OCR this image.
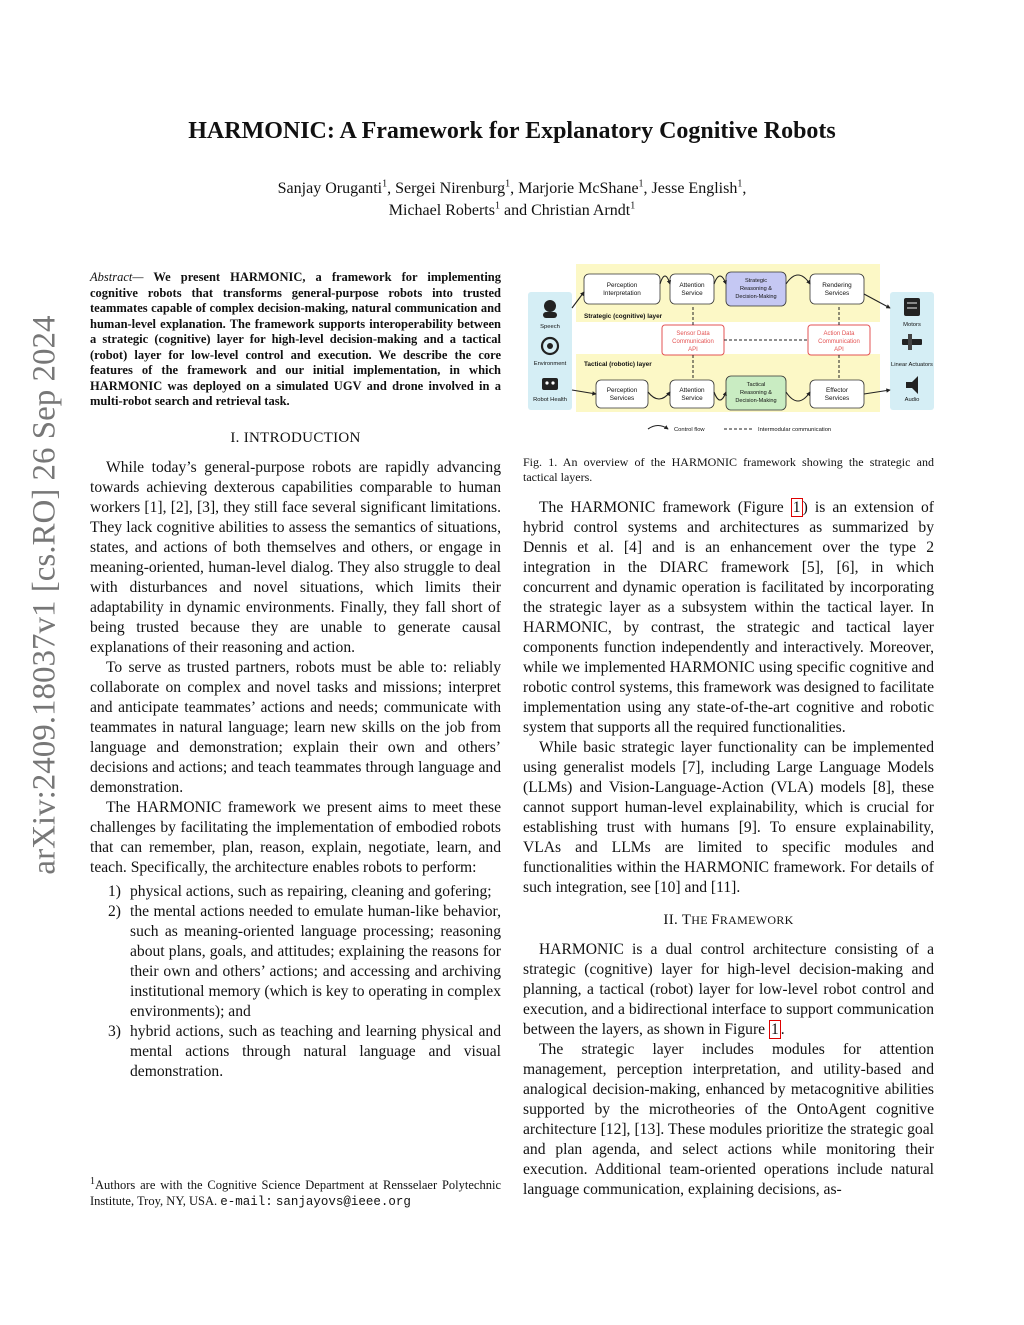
arXiv:2409.18037v1 [cs.RO] 26 Sep 2024
HARMONIC: A Framework for Explanatory Cognitive Robots
Sanjay Oruganti$^1$, Sergei Nirenburg$^1$, Marjorie McShane$^1$, Jesse English$^1$,
Michael Roberts$^1$ and Christian Arndt$^1$

Abstract— We present HARMONIC, a framework for implementing cognitive robots that transforms general-purpose robots into trusted teammates capable of complex decision-making, natural communication and human-level explanation. The framework supports interoperability between a strategic (cognitive) layer for high-level decision-making and a tactical (robot) layer for low-level control and execution. We describe the core features of the framework and our initial implementation, in which HARMONIC was deployed on a simulated UGV and drone involved in a multi-robot search and retrieval task.

I. INTRODUCTION

While today’s general-purpose robots are rapidly advancing towards achieving dexterous capabilities comparable to human workers [1], [2], [3], they still face several significant limitations. They lack cognitive abilities to assess the semantics of situations, states, and actions of both themselves and others, or engage in meaning-oriented, human-level dialog. They also struggle to deal with disturbances and novel situations, which limits their adaptability in dynamic environments. Finally, they fall short of being trusted because they are unable to generate causal explanations of their reasoning and action.

To serve as trusted partners, robots must be able to: reliably collaborate on complex and novel tasks and missions; interpret and anticipate teammates’ actions and needs; communicate with teammates in natural language; learn new skills on the job from language and demonstration; explain their own and others’ decisions and actions; and teach teammates through language and demonstration.

The HARMONIC framework we present aims to meet these challenges by facilitating the implementation of embodied robots that can remember, plan, reason, explain, negotiate, learn, and teach. Specifically, the architecture enables robots to perform:

1) physical actions, such as repairing, cleaning and gofering;
2) the mental actions needed to emulate human-like behavior, such as meaning-oriented language processing; reasoning about plans, goals, and attitudes; explaining the reasons for their own and others’ actions; and accessing and archiving institutional memory (which is key to operating in complex environments); and
3) hybrid actions, such as teaching and learning physical and mental actions through natural language and visual demonstration.

$^1$Authors are with the Cognitive Science Department at Rensselaer Polytechnic Institute, Troy, NY, USA. e-mail: sanjayovs@ieee.org

Strategic (cognitive) layer
Tactical (robotic) layer
Perception
Interpretation
Attention
Service
Strategic
Reasoning &
Decision-Making
Rendering
Services
Sensor Data
Communication
API
Action Data
Communication
API
Perception
Services
Attention
Service
Tactical
Reasoning &
Decision-Making
Effector
Services
Speech
Environment
Robot Health
Motors
Linear Actuators
Audio
Control flow	Intermodular communication
Fig. 1. An overview of the HARMONIC framework showing the strategic and tactical layers.

The HARMONIC framework (Figure 1 ) is an extension of hybrid control systems and architectures as summarized by Dennis et al. [4] and is an enhancement over the type 2 integration in the DIARC framework [5], [6], in which concurrent and dynamic operation is facilitated by incorporating the strategic layer as a subsystem within the tactical layer. In HARMONIC, by contrast, the strategic and tactical layer components function independently and interactively. Moreover, while we implemented HARMONIC using specific cognitive and robotic control systems, this framework was designed to facilitate implementation using any state-of-the-art cognitive and robotic system that supports all the required functionalities.

While basic strategic layer functionality can be implemented using generalist models [7], including Large Language Models (LLMs) and Vision-Language-Action (VLA) models [8], these cannot support human-level explainability, which is crucial for establishing trust with humans [9]. To ensure explainability, VLAs and LLMs are limited to specific modules and functionalities within the HARMONIC framework. For details of such integration, see [10] and [11].

II. THE FRAMEWORK

HARMONIC is a dual control architecture consisting of a strategic (cognitive) layer for high-level decision-making and planning, a tactical (robot) layer for low-level robot control and execution, and a bidirectional interface to support communication between the layers, as shown in Figure 1 .

The strategic layer includes modules for attention management, perception interpretation, and utility-based and analogical decision-making, enhanced by metacognitive abilities supported by the microtheories of the OntoAgent cognitive architecture [12], [13]. These modules prioritize the strategic goal and plan agenda, and select actions while monitoring their execution. Additional team-oriented operations include natural language communication, explaining decisions, as-
